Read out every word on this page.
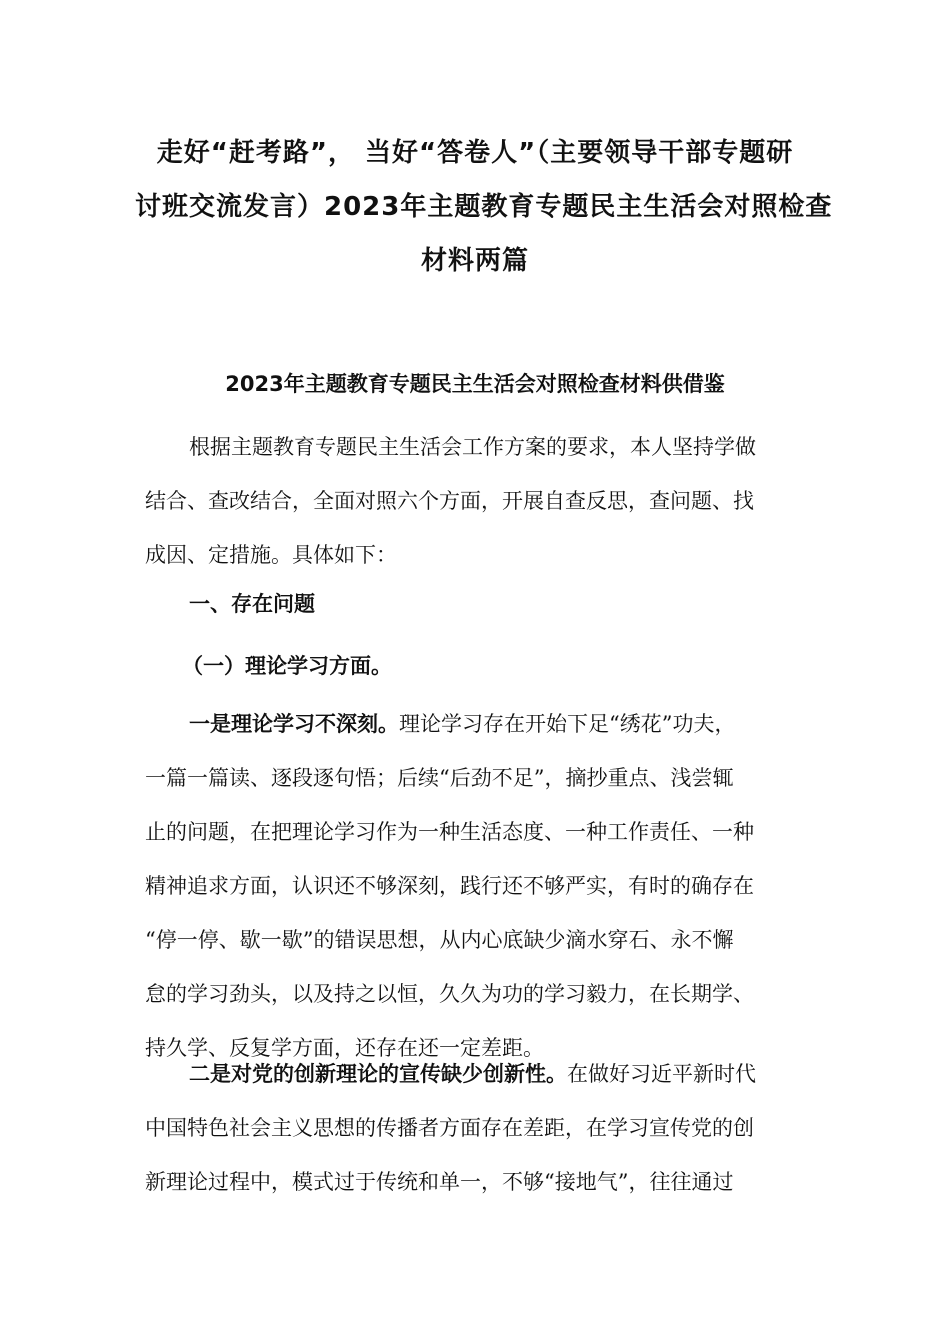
走好“赶考路”， 当好“答卷人”（主要领导干部专题研
讨班交流发言）2023年主题教育专题民主生活会对照检查
材料两篇
2023年主题教育专题民主生活会对照检查材料供借鉴

根据主题教育专题民主生活会工作方案的要求，本人坚持学做
结合、查改结合，全面对照六个方面，开展自查反思，查问题、找
成因、定措施。具体如下：

一、存在问题
（一）理论学习方面。

一是理论学习不深刻。理论学习存在开始下足“绣花”功夫，
一篇一篇读、逐段逐句悟；后续“后劲不足”，摘抄重点、浅尝辄
止的问题，在把理论学习作为一种生活态度、一种工作责任、一种
精神追求方面，认识还不够深刻，践行还不够严实，有时的确存在
“停一停、歇一歇”的错误思想，从内心底缺少滴水穿石、永不懈
怠的学习劲头，以及持之以恒，久久为功的学习毅力，在长期学、
持久学、反复学方面，还存在还一定差距。

二是对党的创新理论的宣传缺少创新性。在做好习近平新时代
中国特色社会主义思想的传播者方面存在差距，在学习宣传党的创
新理论过程中，模式过于传统和单一，不够“接地气”，往往通过
